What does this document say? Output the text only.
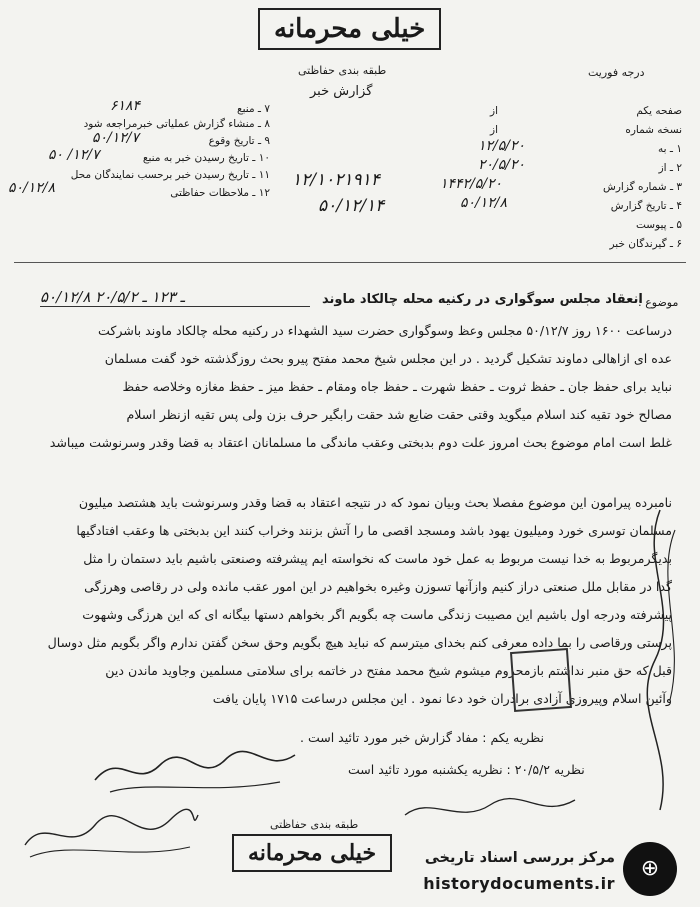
خیلی محرمانه
طبقه بندی حفاظتی	درجه فوریت
گزارش خبر
صفحه یکم
از
نسخه شماره
از
۱ ـ به
۱۲/۵/۲۰
۲ ـ از
۲۰/۵/۲۰
۳ ـ شماره گزارش
۱۴۴۲/۵/۲۰
۴ ـ تاریخ گزارش
۵۰/۱۲/۸
۵ ـ پیوست
۶ ـ گیرندگان خبر
۷ ـ منبع
۶۱۸۴
۸ ـ منشاء گزارش عملیاتی خبرمراجعه شود
۹ ـ تاریخ وقوع
۵۰/۱۲/۷
۱۰ ـ تاریخ رسیدن خبر به منبع
۵۰ /۱۲/۷
۱۱ ـ تاریخ رسیدن خبر برحسب نمایندگان محل
۵۰/۱۲/۸	۱۲ ـ ملاحظات حفاظتی
۱۲/۱۰۲۱۹۱۴
۵۰/۱۲/۱۴
موضوع :
انعقاد مجلس سوگواری در رکنیه محله چالکاد ماوند
۵۰/۱۲/۸ ـ ۱۲۳ ـ ۲۰/۵/۲
درساعت ۱۶۰۰ روز ۵۰/۱۲/۷ مجلس وعظ وسوگواری حضرت سید الشهداء در رکنیه محله چالکاد ماوند باشرکت
عده ای ازاهالی دماوند تشکیل گردید . در این مجلس شیخ محمد مفتح پیرو بحث روزگذشته خود گفت مسلمان
نباید برای حفظ جان ـ حفظ ثروت ـ حفظ شهرت ـ حفظ جاه ومقام ـ حفظ میز ـ حفظ مغازه وخلاصه حفظ
مصالح خود تقیه کند اسلام میگوید وقتی حقت ضایع شد حقت رابگیر حرف بزن ولی پس تقیه ازنظر اسلام
غلط است امام موضوع بحث امروز علت دوم بدبختی وعقب ماندگی ما مسلمانان اعتقاد به قضا وقدر وسرنوشت میباشد
نامبرده پیرامون این موضوع مفصلا بحث وبیان نمود که در نتیجه اعتقاد به قضا وقدر وسرنوشت باید هشتصد میلیون
مسلمان توسری خورد ومیلیون یهود باشد ومسجد اقصی ما را آتش بزنند وخراب کنند این بدبختی ها وعقب افتادگیها
بدیگرمربوط به خدا نیست مربوط به عمل خود ماست که نخواسته ایم پیشرفته وصنعتی باشیم باید دستمان را مثل
گدا در مقابل ملل صنعتی دراز کنیم وازآنها تسوزن وغیره بخواهیم در این امور عقب مانده ولی در رقاصی وهرزگی
پیشرفته ودرجه اول باشیم این مصیبت زندگی ماست چه بگویم اگر بخواهم دستها بیگانه ای که این هرزگی وشهوت
پرستی ورقاصی را بما داده معرفی کنم بخدای میترسم که نباید هیچ بگویم وحق سخن گفتن ندارم واگر بگویم مثل دوسال
قبل که حق منبر نداشتم بازمحروم میشوم شیخ محمد مفتح در خاتمه برای سلامتی مسلمین وجاوید ماندن دین
وآئین اسلام وپیروزی آزادی برادران خود دعا نمود . این مجلس درساعت ۱۷۱۵ پایان یافت
نظریه یکم : مفاد گزارش خبر مورد تائید است .
نظریه ۲۰/۵/۲ : نظریه یکشنبه مورد تائید است
طبقه بندی حفاظتی
خیلی محرمانه
⊕
مرکز بررسی اسناد تاریخی
historydocuments.ir
